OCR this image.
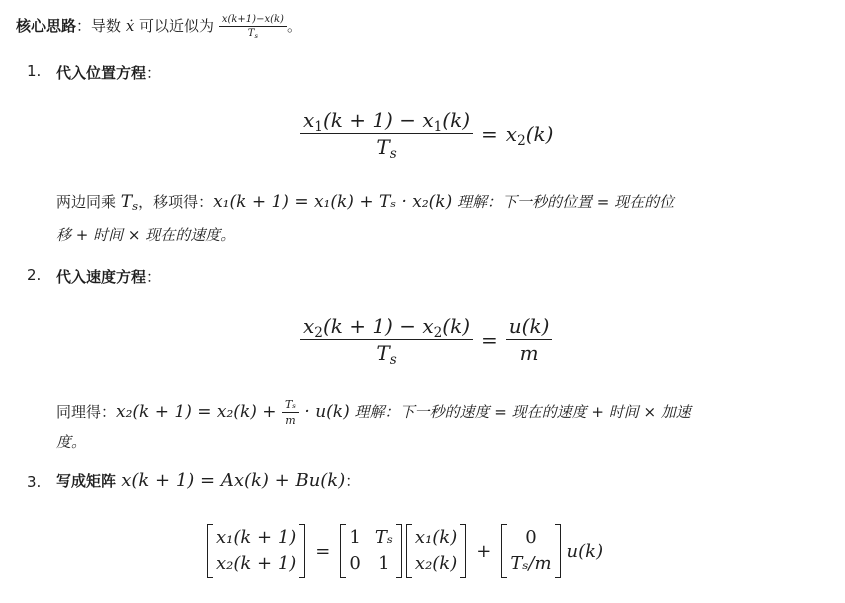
核心思路：导数 ẋ 可以近似为 $\frac{x(k+1)-x(k)}{T_s}$ 。
1. 代入位置方程：
$\frac{x_1(k + 1) - x_1(k)}{T_s} = x_2(k)$
两边同乘 $T_s$，移项得：x₁(k + 1) = x₁(k) + Tₛ · x₂(k) 理解：下一秒的位置 = 现在的位
移 + 时间 × 现在的速度。
2. 代入速度方程：
$\frac{x_2(k + 1) - x_2(k)}{T_s} = \frac{u(k)}{m}$
同理得：$x_2(k + 1) = x_2(k) + \frac{\text{Tₛ}}{m} \cdot u(k)$ 理解：下一秒的速度 = 现在的速度 + 时间 × 加速
度。
3. 写成矩阵 x(k + 1) = Ax(k) + Bu(k)：
x₁(k + 1)
x₂(k + 1)
=
1 Tₛ
0 1
x₁(k)
x₂(k)
+
0
Tₛ/m
u(k)
